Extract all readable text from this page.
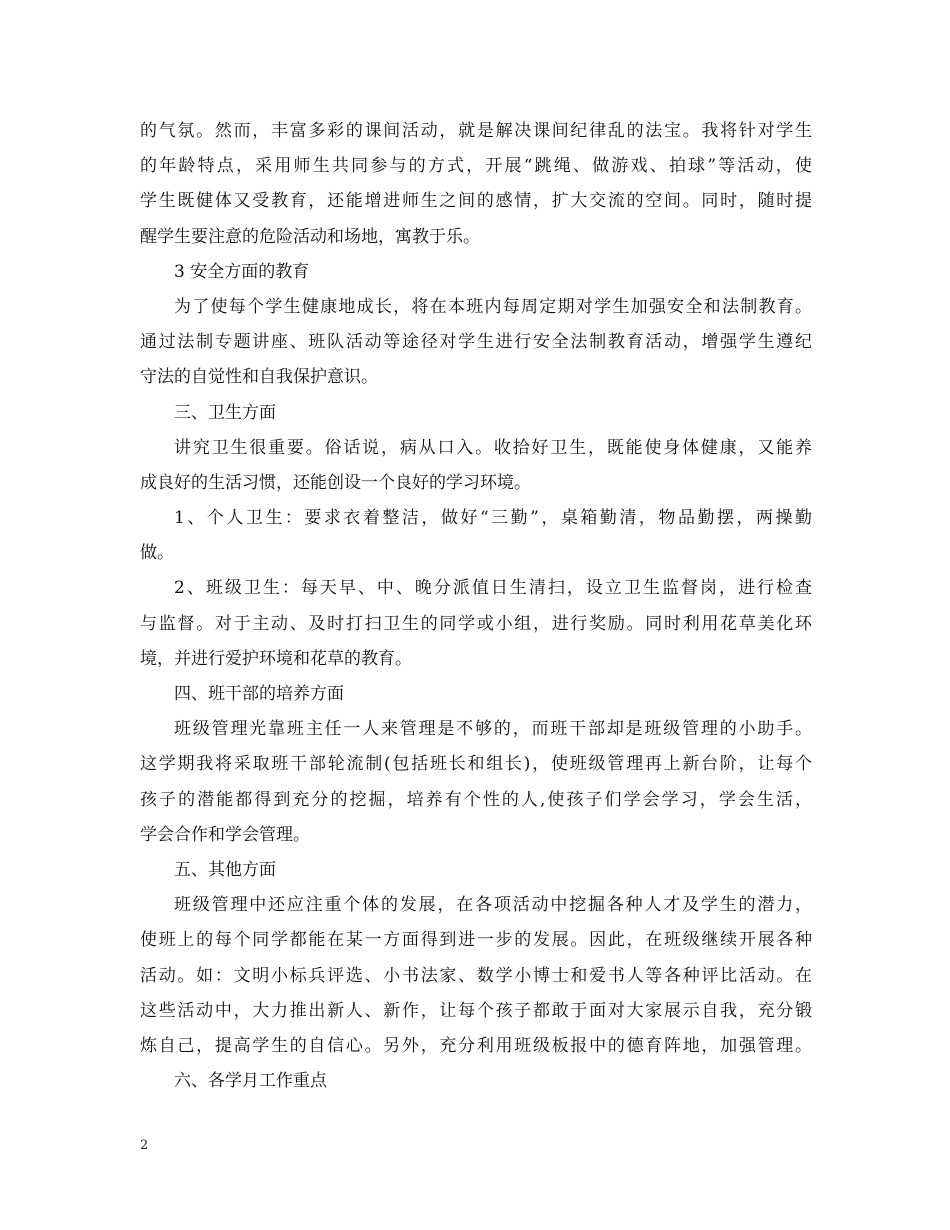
的气氛。然而，丰富多彩的课间活动，就是解决课间纪律乱的法宝。我将针对学生
的年龄特点，采用师生共同参与的方式，开展“跳绳、做游戏、拍球”等活动，使
学生既健体又受教育，还能增进师生之间的感情，扩大交流的空间。同时，随时提
醒学生要注意的危险活动和场地，寓教于乐。
3 安全方面的教育
为了使每个学生健康地成长，将在本班内每周定期对学生加强安全和法制教育。
通过法制专题讲座、班队活动等途径对学生进行安全法制教育活动，增强学生遵纪
守法的自觉性和自我保护意识。
三、卫生方面
讲究卫生很重要。俗话说，病从口入。收拾好卫生，既能使身体健康，又能养
成良好的生活习惯，还能创设一个良好的学习环境。
1、个人卫生：要求衣着整洁，做好“三勤”，桌箱勤清，物品勤摆，两操勤
做。
2、班级卫生：每天早、中、晚分派值日生清扫，设立卫生监督岗，进行检查
与监督。对于主动、及时打扫卫生的同学或小组，进行奖励。同时利用花草美化环
境，并进行爱护环境和花草的教育。
四、班干部的培养方面
班级管理光靠班主任一人来管理是不够的，而班干部却是班级管理的小助手。
这学期我将采取班干部轮流制(包括班长和组长)，使班级管理再上新台阶，让每个
孩子的潜能都得到充分的挖掘，培养有个性的人,使孩子们学会学习，学会生活，
学会合作和学会管理。
五、其他方面
班级管理中还应注重个体的发展，在各项活动中挖掘各种人才及学生的潜力，
使班上的每个同学都能在某一方面得到进一步的发展。因此，在班级继续开展各种
活动。如：文明小标兵评选、小书法家、数学小博士和爱书人等各种评比活动。在
这些活动中，大力推出新人、新作，让每个孩子都敢于面对大家展示自我，充分锻
炼自己，提高学生的自信心。另外，充分利用班级板报中的德育阵地，加强管理。
六、各学月工作重点
2
